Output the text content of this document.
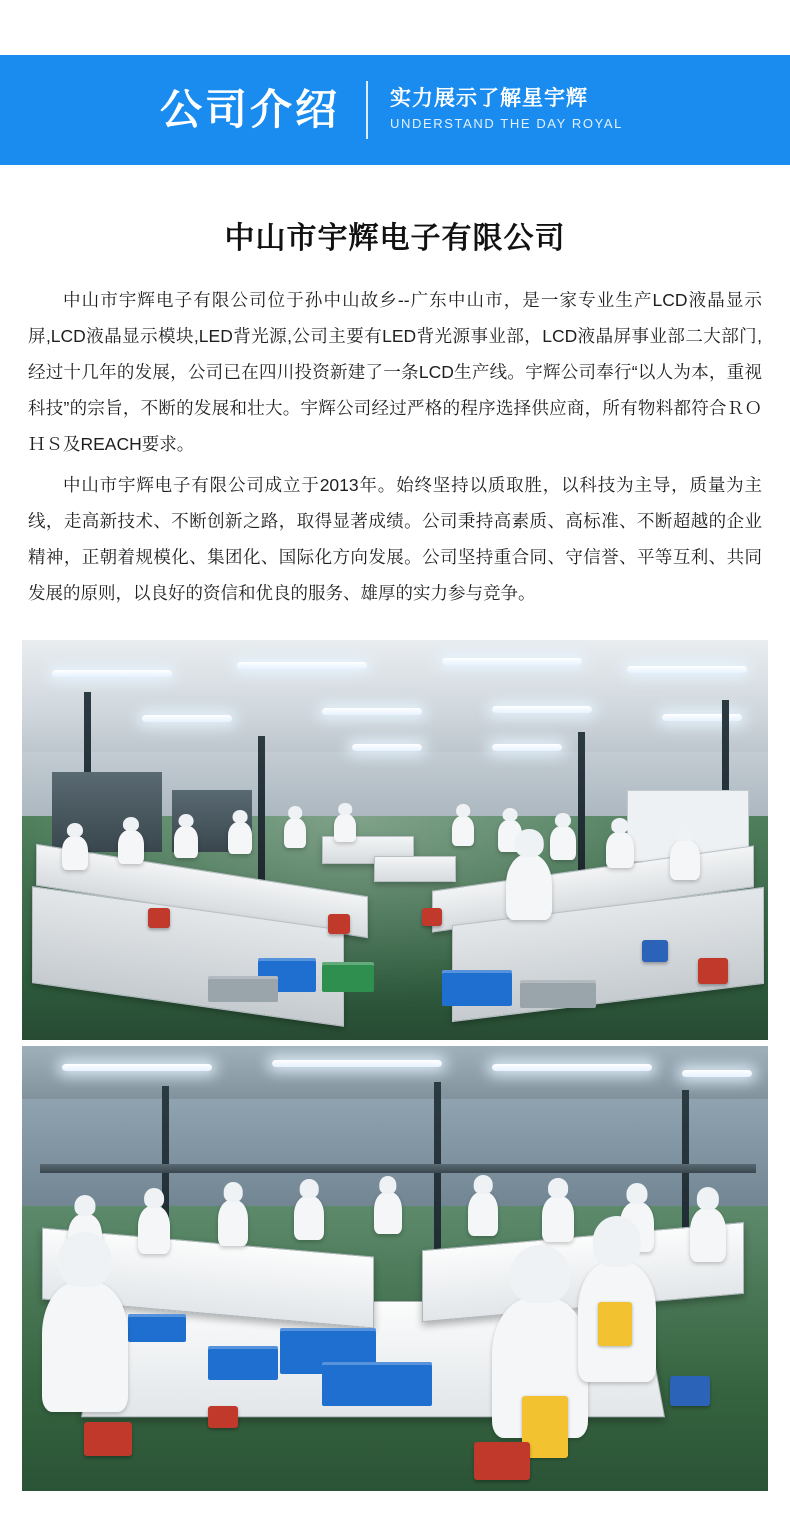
公司介绍 实力展示了解星宇辉
UNDERSTAND THE DAY ROYAL
中山市宇辉电子有限公司

中山市宇辉电子有限公司位于孙中山故乡--广东中山市，是一家专业生产LCD液晶显示屏,LCD液晶显示模块,LED背光源,公司主要有LED背光源事业部，LCD液晶屏事业部二大部门,经过十几年的发展，公司已在四川投资新建了一条LCD生产线。宇辉公司奉行“以人为本，重视科技”的宗旨，不断的发展和壮大。宇辉公司经过严格的程序选择供应商，所有物料都符合ＲＯＨＳ及REACH要求。

中山市宇辉电子有限公司成立于2013年。始终坚持以质取胜，以科技为主导，质量为主线，走高新技术、不断创新之路，取得显著成绩。公司秉持高素质、高标准、不断超越的企业精神，正朝着规模化、集团化、国际化方向发展。公司坚持重合同、守信誉、平等互利、共同发展的原则，以良好的资信和优良的服务、雄厚的实力参与竞争。
